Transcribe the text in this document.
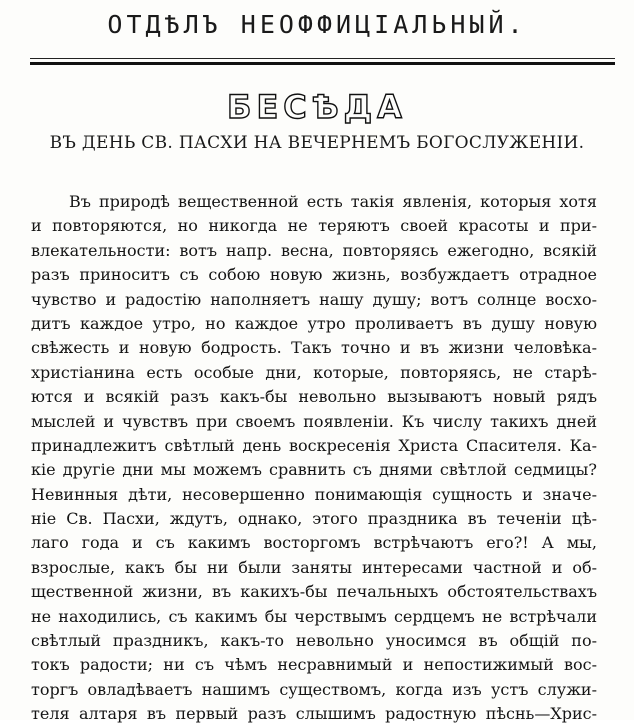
ОТДѢЛЪ НЕОФФИЦІАЛЬНЫЙ.
БЕСѢДА
ВЪ ДЕНЬ СВ. ПАСХИ НА ВЕЧЕРНЕМЪ БОГОСЛУЖЕНІИ.
Въ природѣ вещественной есть такія явленія, которыя хотя
и повторяются, но никогда не теряютъ своей красоты и при-
влекательности: вотъ напр. весна, повторяясь ежегодно, всякій
разъ приноситъ съ собою новую жизнь, возбуждаетъ отрадное
чувство и радостію наполняетъ нашу душу; вотъ солнце восхо-
дитъ каждое утро, но каждое утро проливаетъ въ душу новую
свѣжесть и новую бодрость. Такъ точно и въ жизни человѣка-
христіанина есть особые дни, которые, повторяясь, не старѣ-
ются и всякій разъ какъ-бы невольно вызываютъ новый рядъ
мыслей и чувствъ при своемъ появленіи. Къ числу такихъ дней
принадлежитъ свѣтлый день воскресенія Христа Спасителя. Ка-
кіе другіе дни мы можемъ сравнить съ днями свѣтлой седмицы?
Невинныя дѣти, несовершенно понимающія сущность и значе-
ніе Св. Пасхи, ждутъ, однако, этого праздника въ теченіи цѣ-
лаго года и съ какимъ восторгомъ встрѣчаютъ его?! А мы,
взрослые, какъ бы ни были заняты интересами частной и об-
щественной жизни, въ какихъ-бы печальныхъ обстоятельствахъ
не находились, съ какимъ бы черствымъ сердцемъ не встрѣчали
свѣтлый праздникъ, какъ-то невольно уносимся въ общій по-
токъ радости; ни съ чѣмъ несравнимый и непостижимый вос-
торгъ овладѣваетъ нашимъ существомъ, когда изъ устъ служи-
теля алтаря въ первый разъ слышимъ радостную пѣснь—Хрис-
